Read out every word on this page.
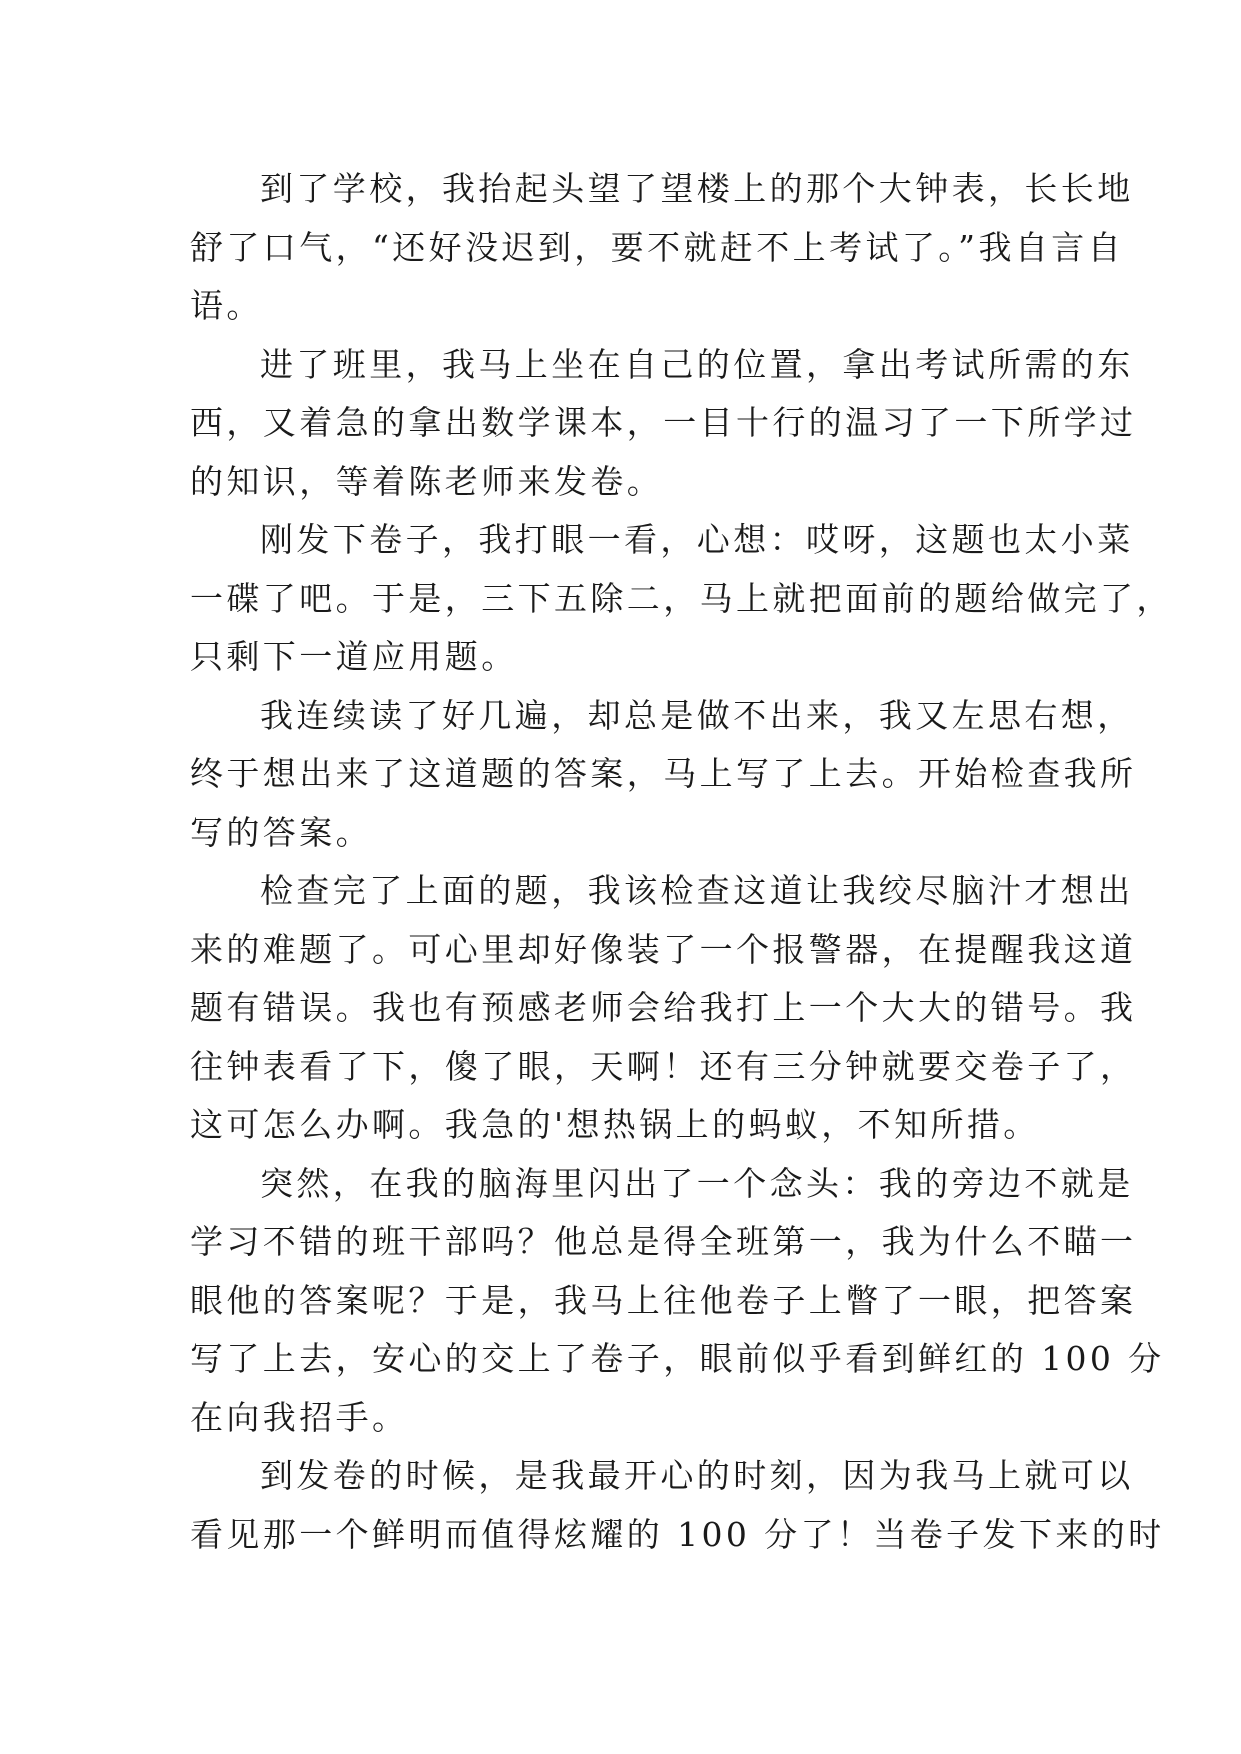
到了学校，我抬起头望了望楼上的那个大钟表，长长地
舒了口气，“还好没迟到，要不就赶不上考试了。”我自言自
语。

进了班里，我马上坐在自己的位置，拿出考试所需的东
西，又着急的拿出数学课本，一目十行的温习了一下所学过
的知识，等着陈老师来发卷。

刚发下卷子，我打眼一看，心想：哎呀，这题也太小菜
一碟了吧。于是，三下五除二，马上就把面前的题给做完了，
只剩下一道应用题。

我连续读了好几遍，却总是做不出来，我又左思右想，
终于想出来了这道题的答案，马上写了上去。开始检查我所
写的答案。

检查完了上面的题，我该检查这道让我绞尽脑汁才想出
来的难题了。可心里却好像装了一个报警器，在提醒我这道
题有错误。我也有预感老师会给我打上一个大大的错号。我
往钟表看了下，傻了眼，天啊！还有三分钟就要交卷子了，
这可怎么办啊。我急的'想热锅上的蚂蚁，不知所措。

突然，在我的脑海里闪出了一个念头：我的旁边不就是
学习不错的班干部吗？他总是得全班第一，我为什么不瞄一
眼他的答案呢？于是，我马上往他卷子上瞥了一眼，把答案
写了上去，安心的交上了卷子，眼前似乎看到鲜红的 100 分
在向我招手。

到发卷的时候，是我最开心的时刻，因为我马上就可以
看见那一个鲜明而值得炫耀的 100 分了！当卷子发下来的时
